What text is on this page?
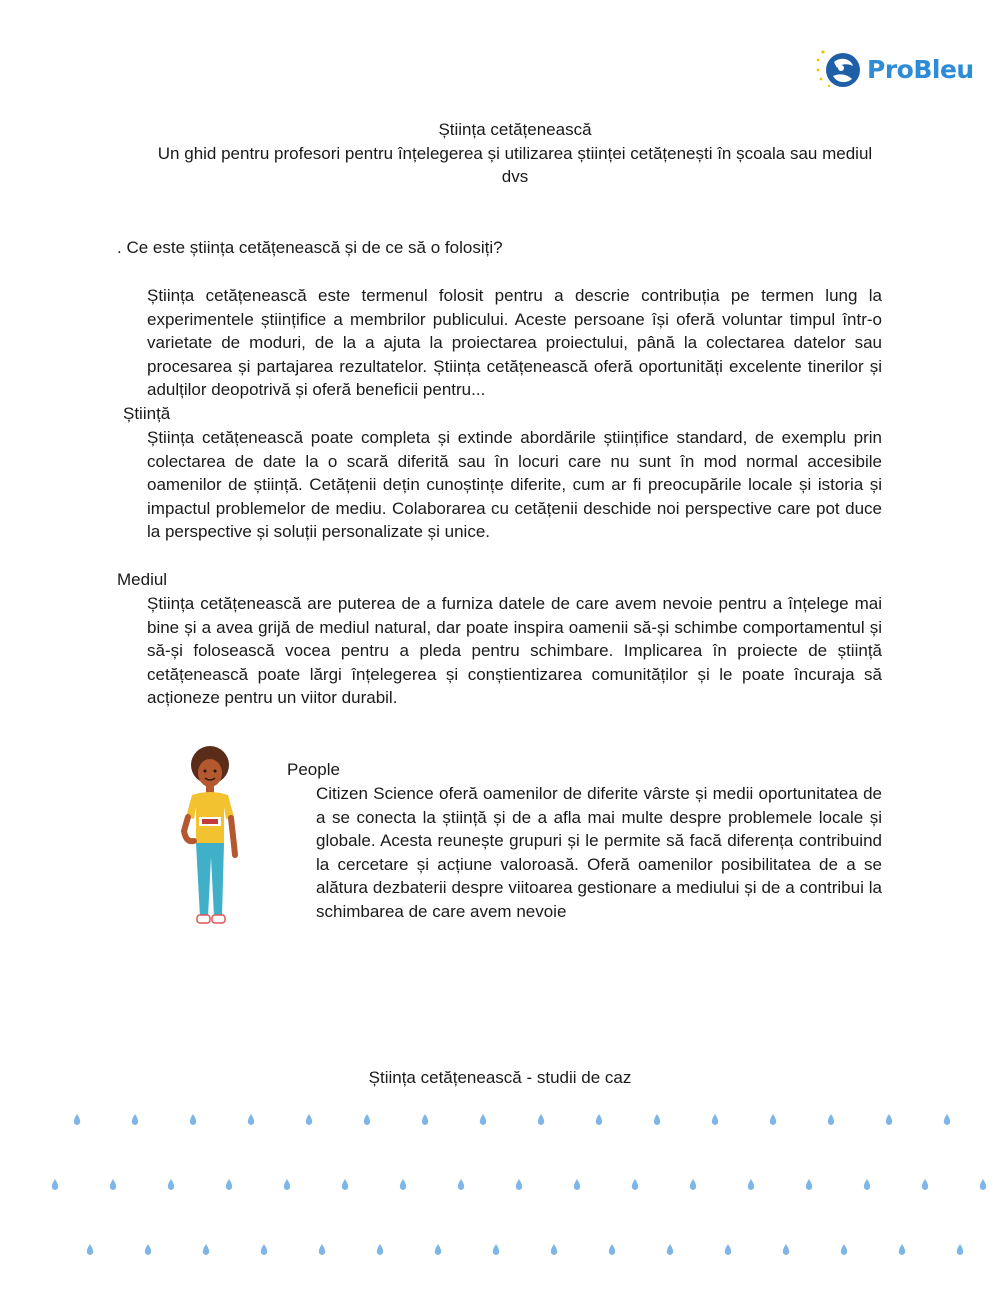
ProBleu
Știința cetățenească
Un ghid pentru profesori pentru înțelegerea și utilizarea științei cetățenești în școala sau mediul
dvs
. Ce este știința cetățenească și de ce să o folosiți?
Știința cetățenească este termenul folosit pentru a descrie contribuția pe termen lung la experimentele științifice a membrilor publicului. Aceste persoane își oferă voluntar timpul într-o varietate de moduri, de la a ajuta la proiectarea proiectului, până la colectarea datelor sau procesarea și partajarea rezultatelor. Știința cetățenească oferă oportunități excelente tinerilor și adulților deopotrivă și oferă beneficii pentru...
Știință
Știința cetățenească poate completa și extinde abordările științifice standard, de exemplu prin colectarea de date la o scară diferită sau în locuri care nu sunt în mod normal accesibile oamenilor de știință. Cetățenii dețin cunoștințe diferite, cum ar fi preocupările locale și istoria și impactul problemelor de mediu. Colaborarea cu cetățenii deschide noi perspective care pot duce la perspective și soluții personalizate și unice.
Mediul
Știința cetățenească are puterea de a furniza datele de care avem nevoie pentru a înțelege mai bine și a avea grijă de mediul natural, dar poate inspira oamenii să-și schimbe comportamentul și să-și folosească vocea pentru a pleda pentru schimbare. Implicarea în proiecte de știință cetățenească poate lărgi înțelegerea și conștientizarea comunităților și le poate încuraja să acționeze pentru un viitor durabil.
People
Citizen Science oferă oamenilor de diferite vârste și medii oportunitatea de a se conecta la știință și de a afla mai multe despre problemele locale și globale. Acesta reunește grupuri și le permite să facă diferența contribuind la cercetare și acțiune valoroasă. Oferă oamenilor posibilitatea de a se alătura dezbaterii despre viitoarea gestionare a mediului și de a contribui la schimbarea de care avem nevoie
Știința cetățenească - studii de caz
